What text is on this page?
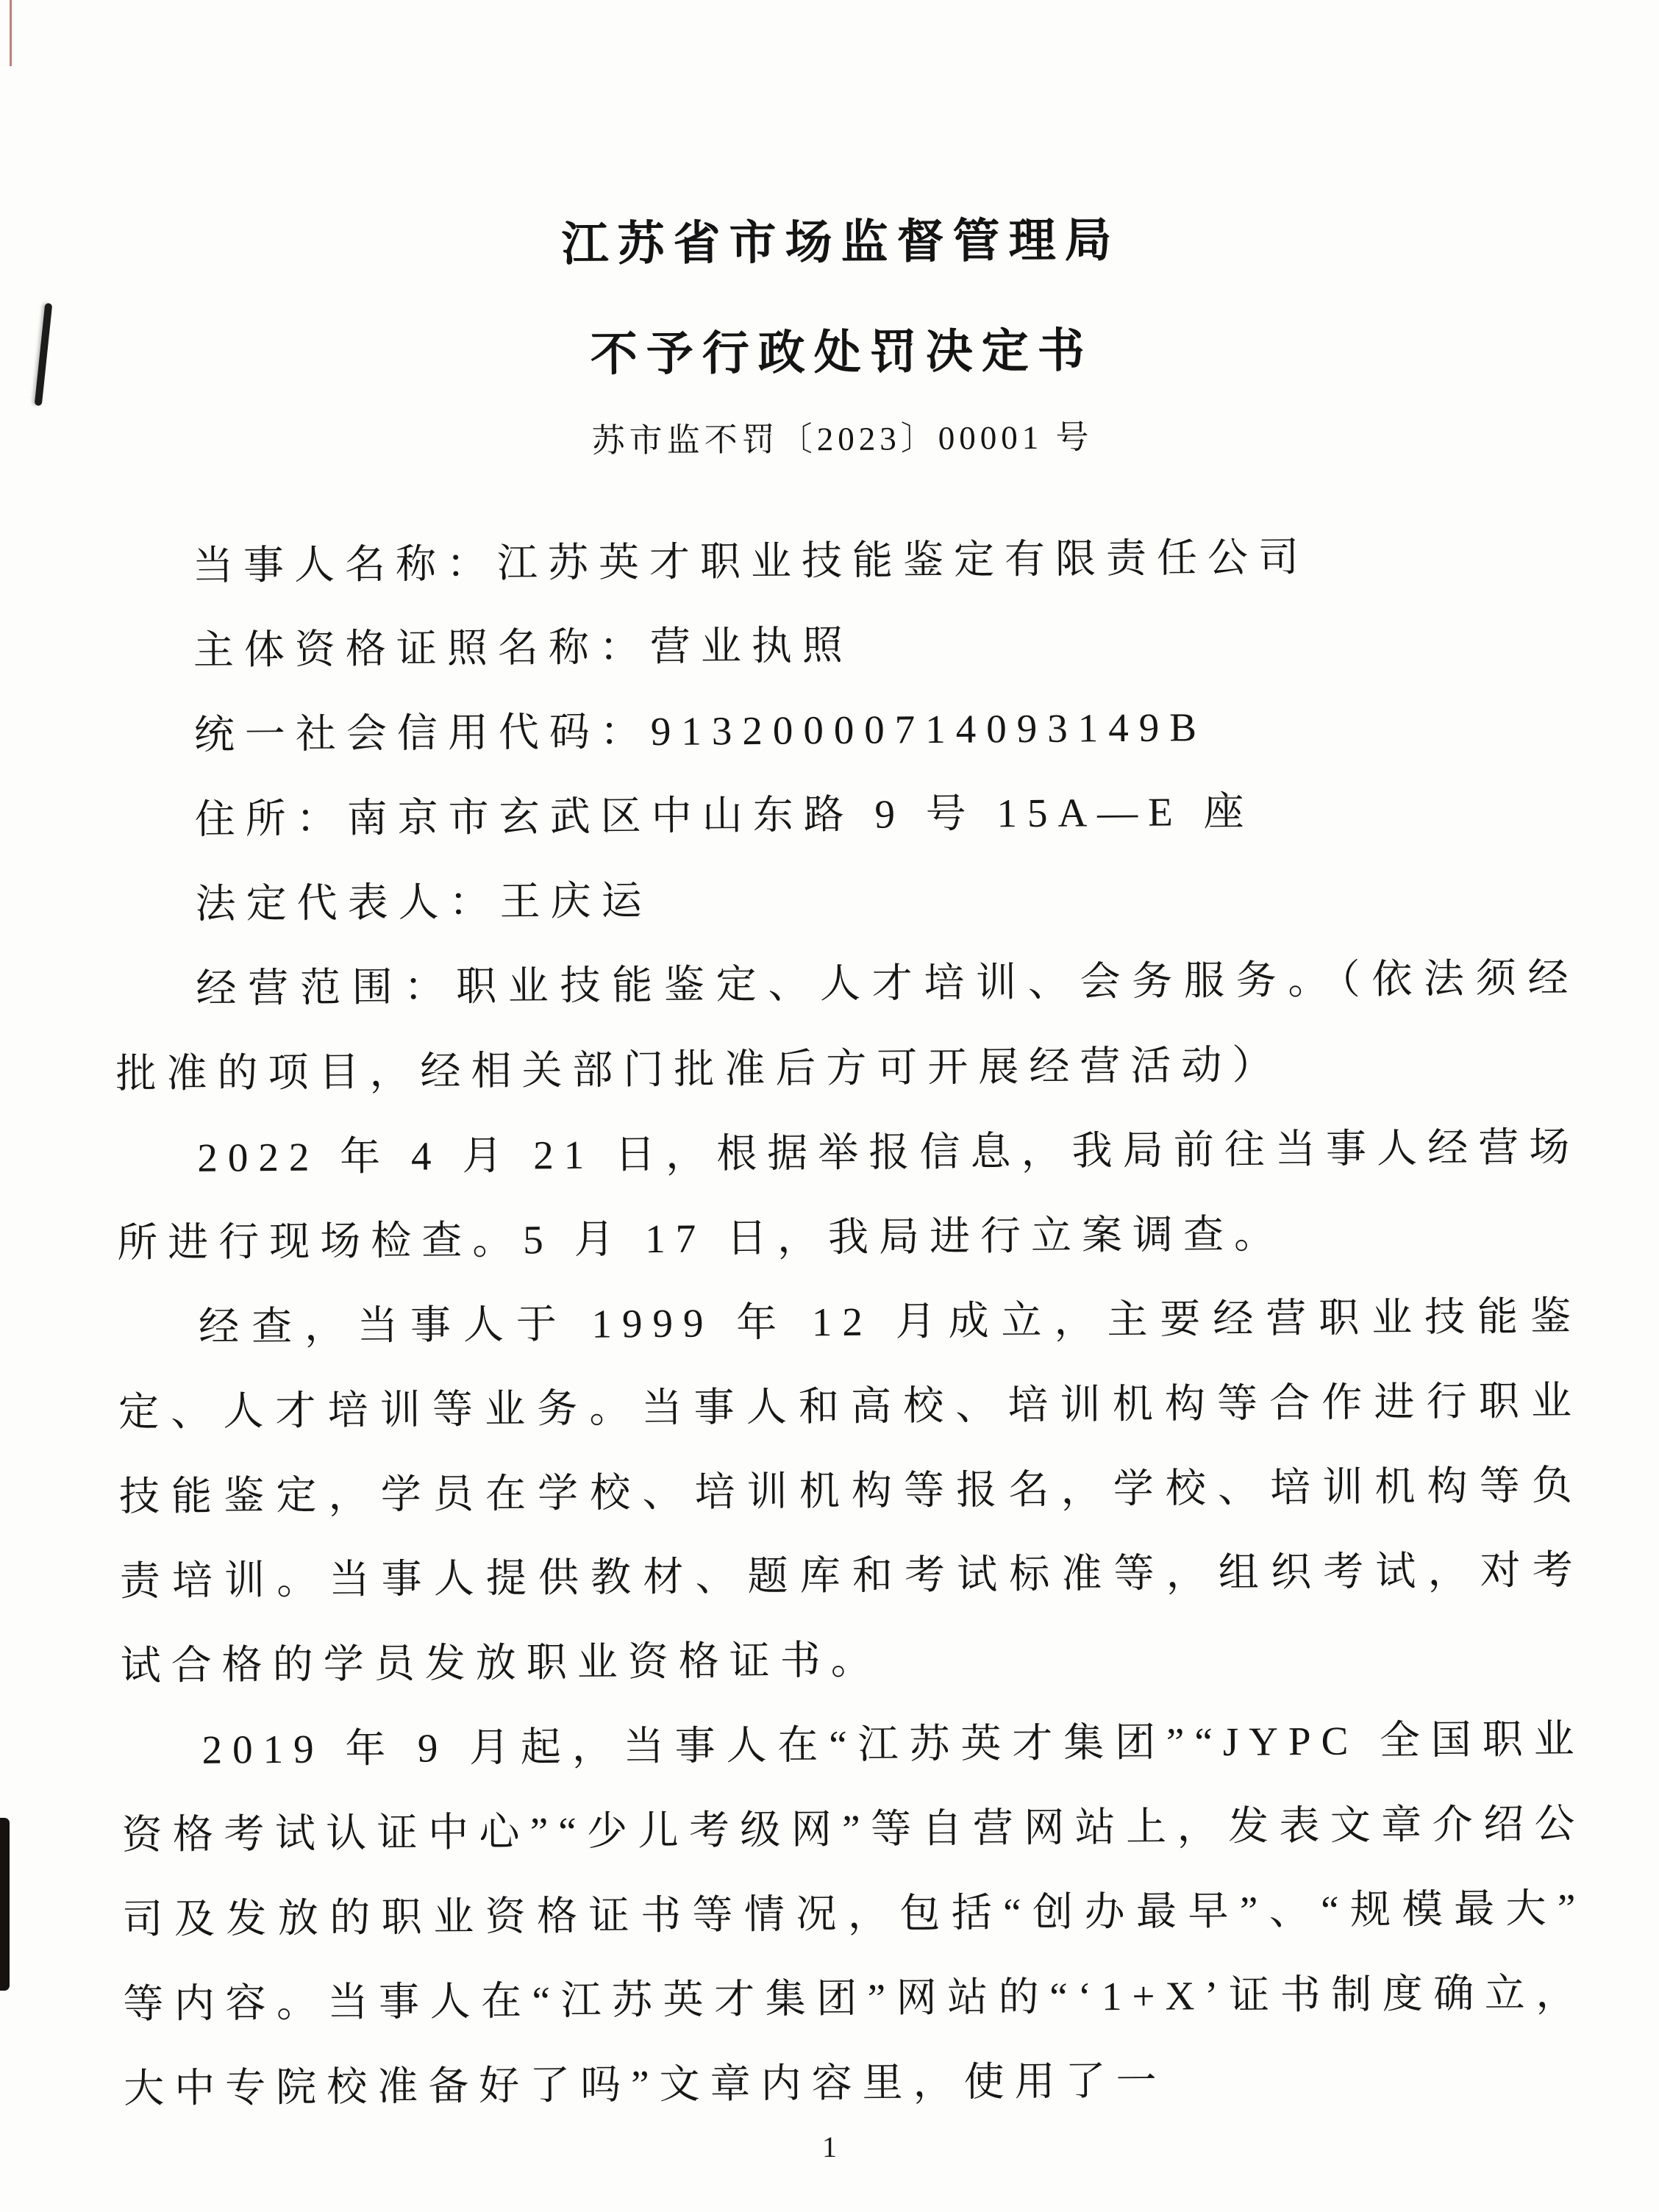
江苏省市场监督管理局
不予行政处罚决定书
苏市监不罚〔2023〕00001 号

当事人名称：江苏英才职业技能鉴定有限责任公司

主体资格证照名称：营业执照

统一社会信用代码：91320000714093149B

住所：南京市玄武区中山东路 9 号 15A—E 座

法定代表人：王庆运

经营范围：职业技能鉴定、人才培训、会务服务。（依法须经批准的项目，经相关部门批准后方可开展经营活动）

2022 年 4 月 21 日，根据举报信息，我局前往当事人经营场所进行现场检查。5 月 17 日，我局进行立案调查。

经查，当事人于 1999 年 12 月成立，主要经营职业技能鉴定、人才培训等业务。当事人和高校、培训机构等合作进行职业技能鉴定，学员在学校、培训机构等报名，学校、培训机构等负责培训。当事人提供教材、题库和考试标准等，组织考试，对考试合格的学员发放职业资格证书。

2019 年 9 月起，当事人在“江苏英才集团”“JYPC 全国职业资格考试认证中心”“少儿考级网”等自营网站上，发表文章介绍公司及发放的职业资格证书等情况，包括“创办最早”、“规模最大”等内容。当事人在“江苏英才集团”网站的“‘1+X’证书制度确立，大中专院校准备好了吗”文章内容里，使用了一

1
